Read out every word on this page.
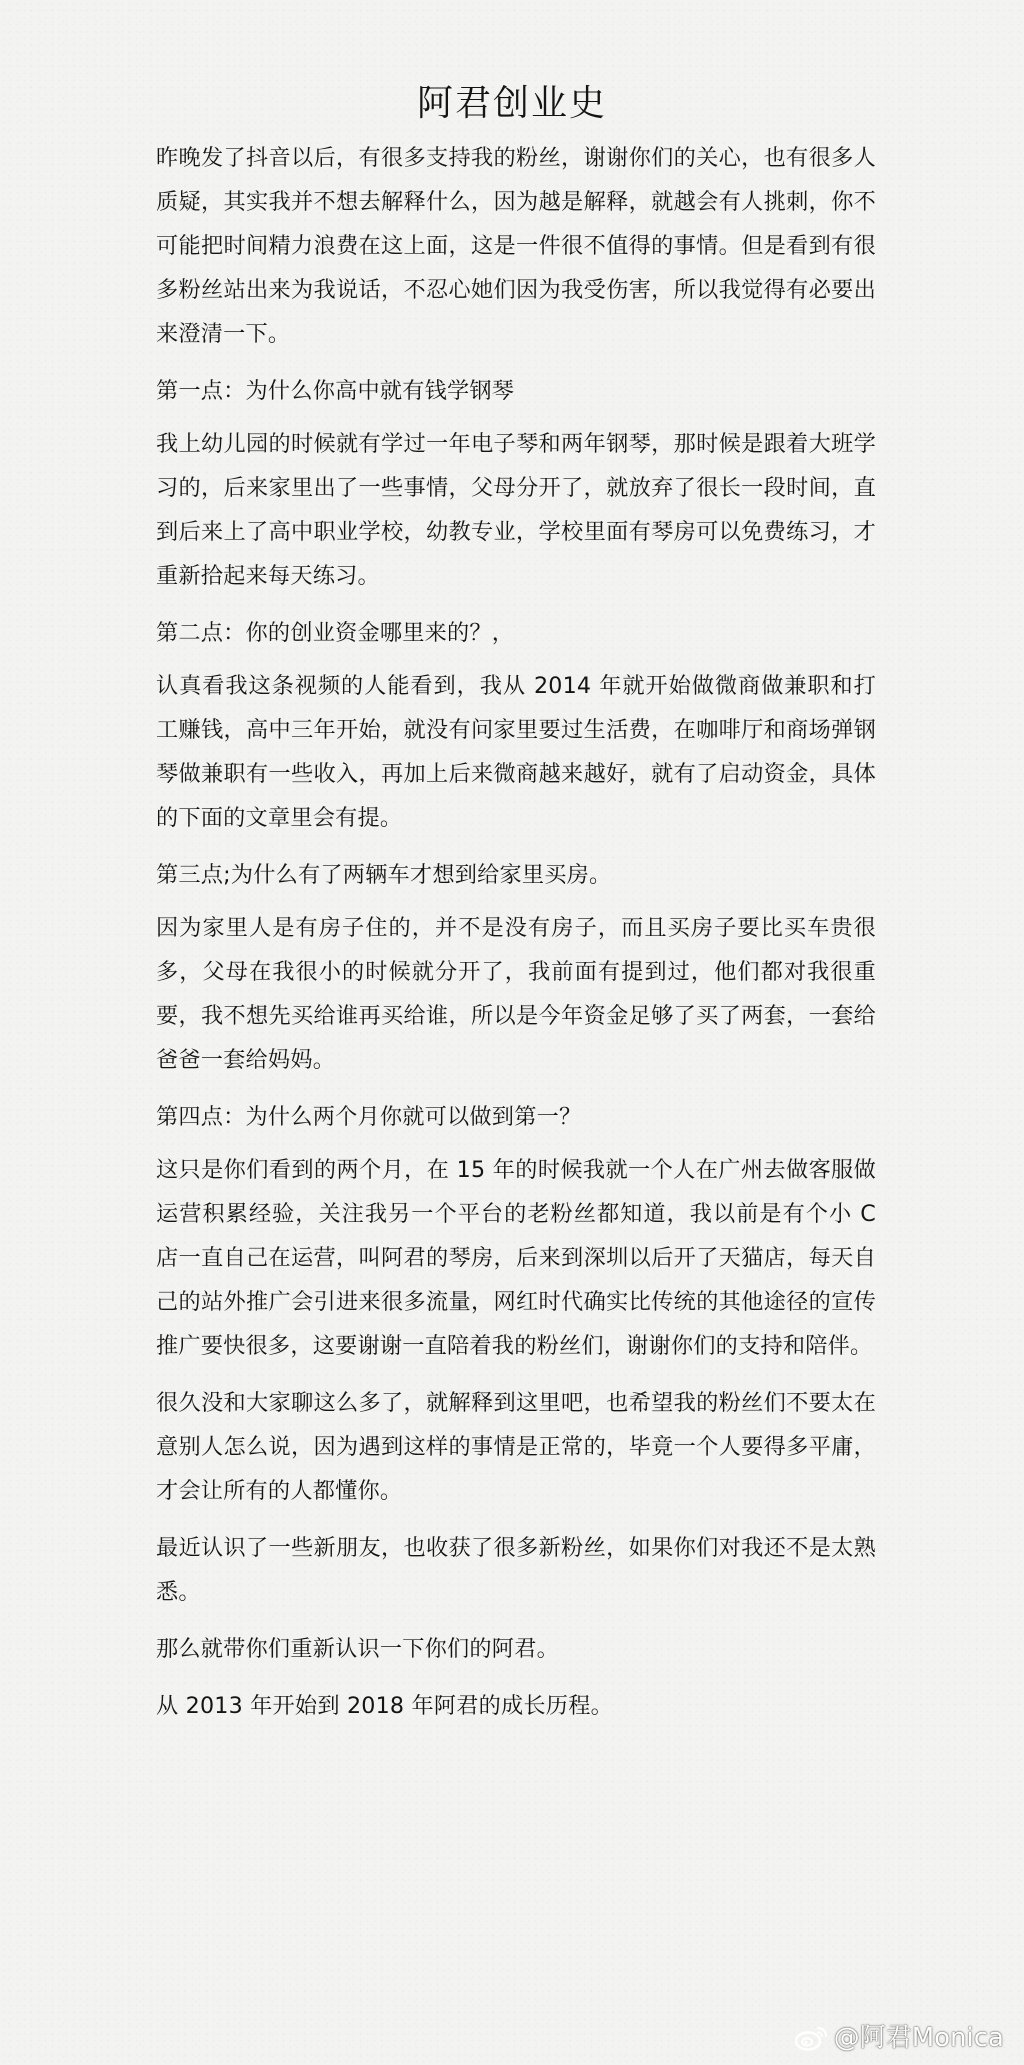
阿君创业史

昨晚发了抖音以后，有很多支持我的粉丝，谢谢你们的关心，也有很多人质疑，其实我并不想去解释什么，因为越是解释，就越会有人挑刺，你不可能把时间精力浪费在这上面，这是一件很不值得的事情。但是看到有很多粉丝站出来为我说话，不忍心她们因为我受伤害，所以我觉得有必要出来澄清一下。

第一点：为什么你高中就有钱学钢琴

我上幼儿园的时候就有学过一年电子琴和两年钢琴，那时候是跟着大班学习的，后来家里出了一些事情，父母分开了，就放弃了很长一段时间，直到后来上了高中职业学校，幼教专业，学校里面有琴房可以免费练习，才重新拾起来每天练习。

第二点：你的创业资金哪里来的？，

认真看我这条视频的人能看到，我从 2014 年就开始做微商做兼职和打工赚钱，高中三年开始，就没有问家里要过生活费，在咖啡厅和商场弹钢琴做兼职有一些收入，再加上后来微商越来越好，就有了启动资金，具体的下面的文章里会有提。

第三点;为什么有了两辆车才想到给家里买房。

因为家里人是有房子住的，并不是没有房子，而且买房子要比买车贵很多，父母在我很小的时候就分开了，我前面有提到过，他们都对我很重要，我不想先买给谁再买给谁，所以是今年资金足够了买了两套，一套给爸爸一套给妈妈。

第四点：为什么两个月你就可以做到第一？

这只是你们看到的两个月，在 15 年的时候我就一个人在广州去做客服做运营积累经验，关注我另一个平台的老粉丝都知道，我以前是有个小 C 店一直自己在运营，叫阿君的琴房，后来到深圳以后开了天猫店，每天自己的站外推广会引进来很多流量，网红时代确实比传统的其他途径的宣传推广要快很多，这要谢谢一直陪着我的粉丝们，谢谢你们的支持和陪伴。

很久没和大家聊这么多了，就解释到这里吧，也希望我的粉丝们不要太在意别人怎么说，因为遇到这样的事情是正常的，毕竟一个人要得多平庸，才会让所有的人都懂你。

最近认识了一些新朋友，也收获了很多新粉丝，如果你们对我还不是太熟悉。

那么就带你们重新认识一下你们的阿君。

从 2013 年开始到 2018 年阿君的成长历程。

@阿君Monica
